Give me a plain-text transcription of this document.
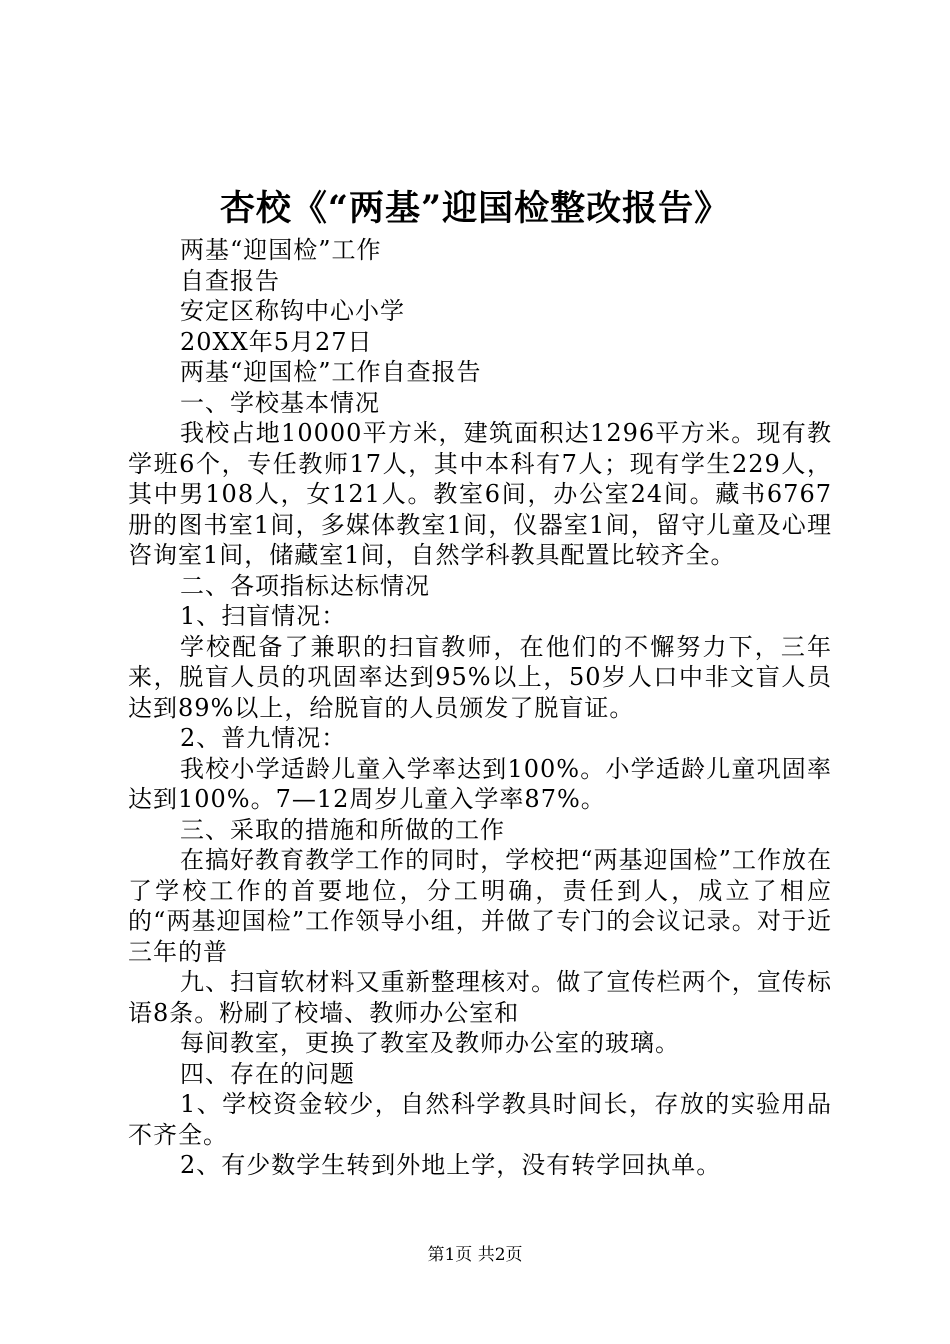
杏校《“两基”迎国检整改报告》

两基“迎国检”工作

自查报告

安定区称钩中心小学

20XX年5月27日

两基“迎国检”工作自查报告

一、学校基本情况

我校占地10000平方米，建筑面积达1296平方米。现有教学班6个，专任教师17人，其中本科有7人；现有学生229人，其中男108人，女121人。教室6间，办公室24间。藏书6767册的图书室1间，多媒体教室1间，仪器室1间，留守儿童及心理咨询室1间，储藏室1间，自然学科教具配置比较齐全。

二、各项指标达标情况

1、扫盲情况：

学校配备了兼职的扫盲教师，在他们的不懈努力下，三年来，脱盲人员的巩固率达到95%以上，50岁人口中非文盲人员达到89%以上，给脱盲的人员颁发了脱盲证。

2、普九情况：

我校小学适龄儿童入学率达到100%。小学适龄儿童巩固率达到100%。7—12周岁儿童入学率87%。

三、采取的措施和所做的工作

在搞好教育教学工作的同时，学校把“两基迎国检”工作放在了学校工作的首要地位，分工明确，责任到人，成立了相应的“两基迎国检”工作领导小组，并做了专门的会议记录。对于近三年的普

九、扫盲软材料又重新整理核对。做了宣传栏两个，宣传标语8条。粉刷了校墙、教师办公室和

每间教室，更换了教室及教师办公室的玻璃。

四、存在的问题

1、学校资金较少，自然科学教具时间长，存放的实验用品不齐全。

2、有少数学生转到外地上学，没有转学回执单。

第1页 共2页
